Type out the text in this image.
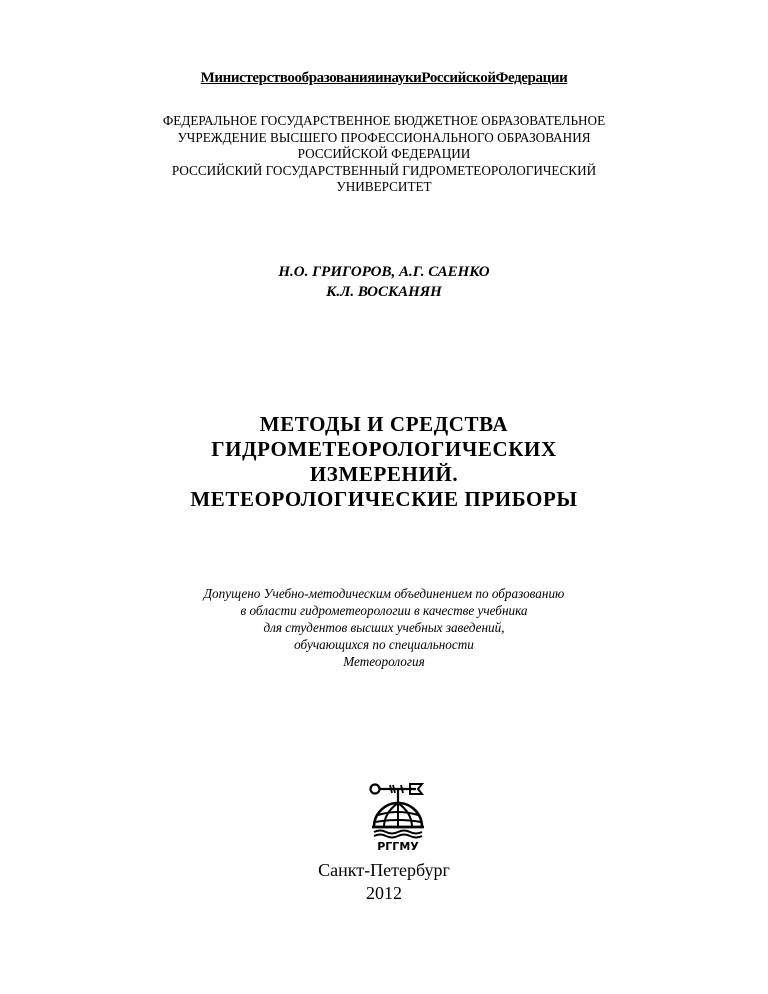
МинистерствообразованияинаукиРоссийскойФедерации
ФЕДЕРАЛЬНОЕ ГОСУДАРСТВЕННОЕ БЮДЖЕТНОЕ ОБРАЗОВАТЕЛЬНОЕ
УЧРЕЖДЕНИЕ ВЫСШЕГО ПРОФЕССИОНАЛЬНОГО ОБРАЗОВАНИЯ
РОССИЙСКОЙ ФЕДЕРАЦИИ
РОССИЙСКИЙ ГОСУДАРСТВЕННЫЙ ГИДРОМЕТЕОРОЛОГИЧЕСКИЙ
УНИВЕРСИТЕТ
Н.О. ГРИГОРОВ, А.Г. САЕНКО
К.Л. ВОСКАНЯН
МЕТОДЫ И СРЕДСТВА
ГИДРОМЕТЕОРОЛОГИЧЕСКИХ
ИЗМЕРЕНИЙ.
МЕТЕОРОЛОГИЧЕСКИЕ ПРИБОРЫ
Допущено Учебно-методическим объединением по образованию
в области гидрометеорологии в качестве учебника
для студентов высших учебных заведений,
обучающихся по специальности
Метеорология
РГГМУ
Санкт-Петербург
2012
